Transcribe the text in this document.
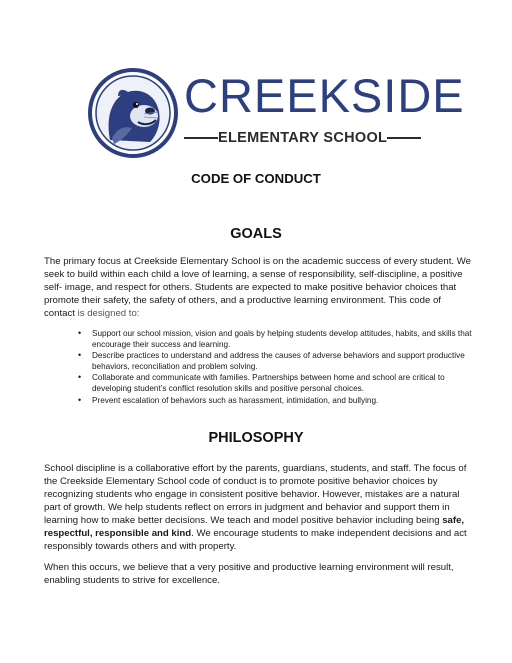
CREEKSIDE
ELEMENTARY SCHOOL
CODE OF CONDUCT
GOALS

The primary focus at Creekside Elementary School is on the academic success of every student. We seek to build within each child a love of learning, a sense of responsibility, self-discipline, a positive self- image, and respect for others. Students are expected to make positive behavior choices that promote their safety, the safety of others, and a productive learning environment. This code of contact is designed to:

• Support our school mission, vision and goals by helping students develop attitudes, habits, and skills that encourage their success and learning.
• Describe practices to understand and address the causes of adverse behaviors and support productive behaviors, reconciliation and problem solving.
• Collaborate and communicate with families. Partnerships between home and school are critical to developing student’s conflict resolution skills and positive personal choices.
• Prevent escalation of behaviors such as harassment, intimidation, and bullying.
PHILOSOPHY

School discipline is a collaborative effort by the parents, guardians, students, and staff. The focus of the Creekside Elementary School code of conduct is to promote positive behavior choices by recognizing students who engage in consistent positive behavior. However, mistakes are a natural part of growth. We help students reflect on errors in judgment and behavior and support them in learning how to make better decisions. We teach and model positive behavior including being safe, respectful, responsible and kind. We encourage students to make independent decisions and act responsibly towards others and with property.

When this occurs, we believe that a very positive and productive learning environment will result, enabling students to strive for excellence.
